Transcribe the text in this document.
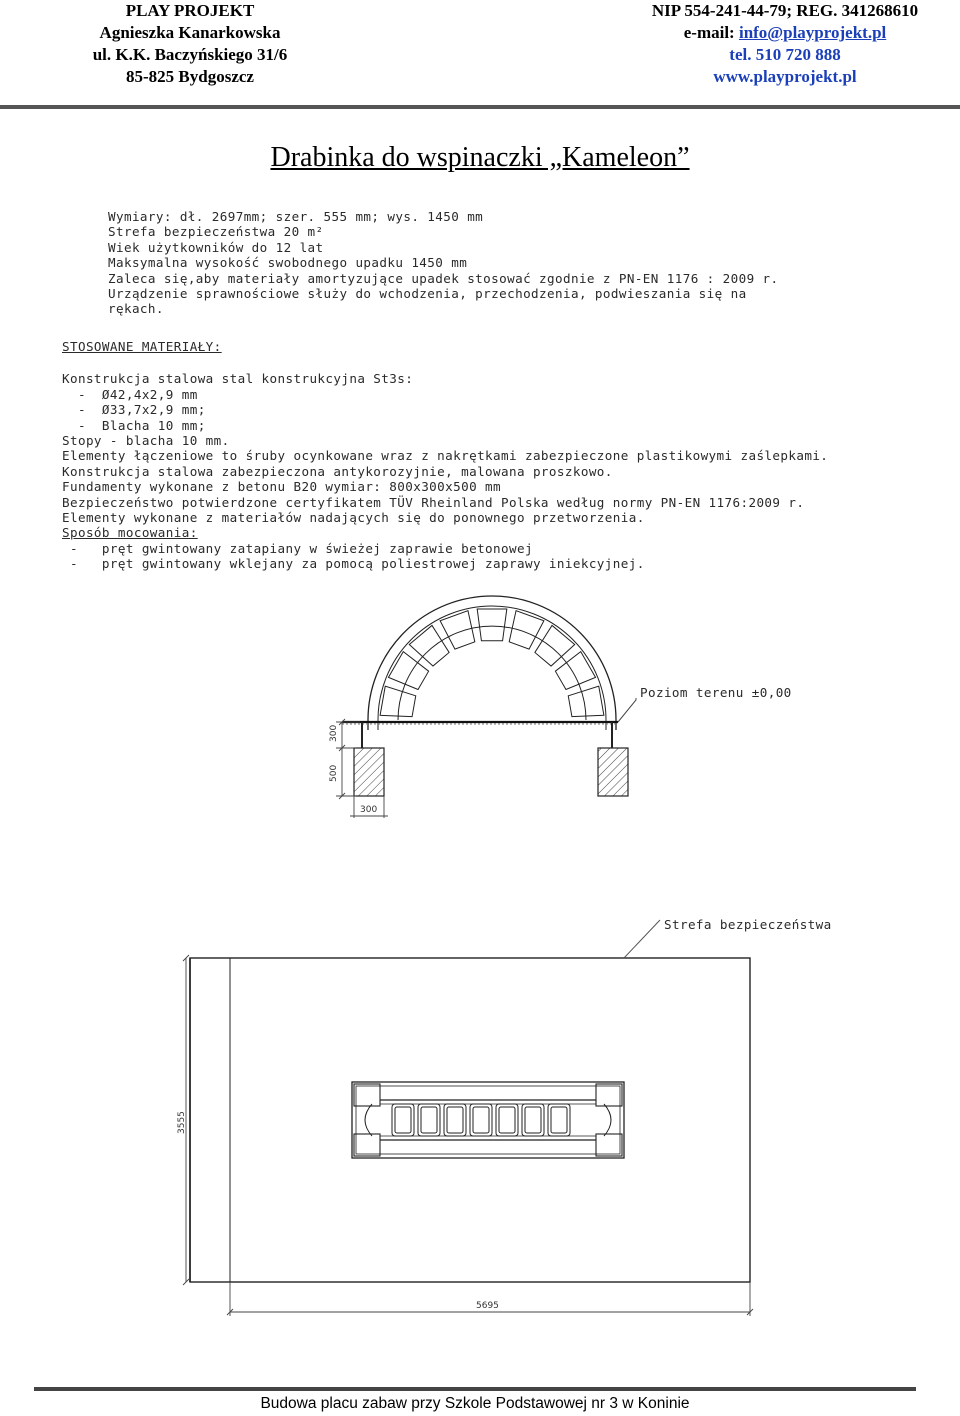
PLAY PROJEKT
Agnieszka Kanarkowska
ul. K.K. Baczyńskiego 31/6
85-825 Bydgoszcz
NIP 554-241-44-79; REG. 341268610
e-mail: info@playprojekt.pl
tel. 510 720 888
www.playprojekt.pl
Drabinka do wspinaczki „Kameleon”
Wymiary: dł. 2697mm; szer. 555 mm; wys. 1450 mm
Strefa bezpieczeństwa 20 m²
Wiek użytkowników do 12 lat
Maksymalna wysokość swobodnego upadku 1450 mm
Zaleca się,aby materiały amortyzujące upadek stosować zgodnie z PN-EN 1176 : 2009 r.
Urządzenie sprawnościowe służy do wchodzenia, przechodzenia, podwieszania się na
rękach.
STOSOWANE MATERIAŁY:
Konstrukcja stalowa stal konstrukcyjna St3s:
-  Ø42,4x2,9 mm
-  Ø33,7x2,9 mm;
-  Blacha 10 mm;
Stopy - blacha 10 mm.
Elementy łączeniowe to śruby ocynkowane wraz z nakrętkami zabezpieczone plastikowymi zaślepkami.
Konstrukcja stalowa zabezpieczona antykorozyjnie, malowana proszkowo.
Fundamenty wykonane z betonu B20 wymiar: 800x300x500 mm
Bezpieczeństwo potwierdzone certyfikatem TÜV Rheinland Polska według normy PN-EN 1176:2009 r.
Elementy wykonane z materiałów nadających się do ponownego przetworzenia.
Sposób mocowania:
-   pręt gwintowany zatapiany w świeżej zaprawie betonowej
-   pręt gwintowany wklejany za pomocą poliestrowej zaprawy iniekcyjnej.
300
500
300
Poziom terenu ±0,00
3555
5695
Strefa bezpieczeństwa
Budowa placu zabaw przy Szkole Podstawowej nr 3 w Koninie
